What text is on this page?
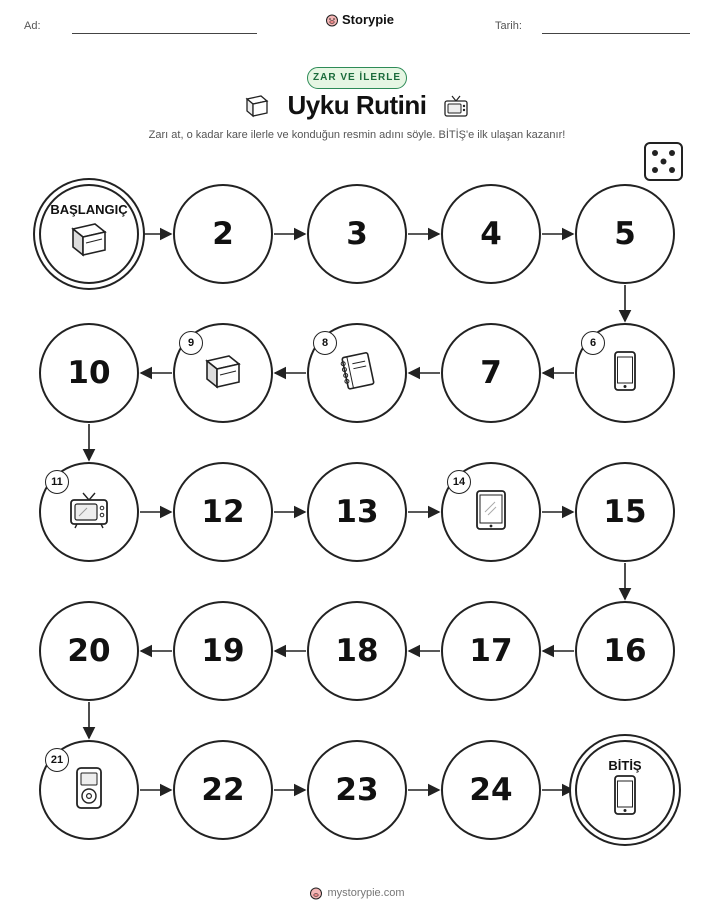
Ad:	Storypie	Tarih:
ZAR VE İLERLE
Uyku Rutini
Zarı at, o kadar kare ilerle ve konduğun resmin adını söyle. BİTİŞ'e ilk ulaşan kazanır!
BAŞLANGIÇ
2	3	4	5
6
7
8
9
10
11
12	13
14
15
16
17
18
19
20
21
22	23	24
BİTİŞ
mystorypie.com
